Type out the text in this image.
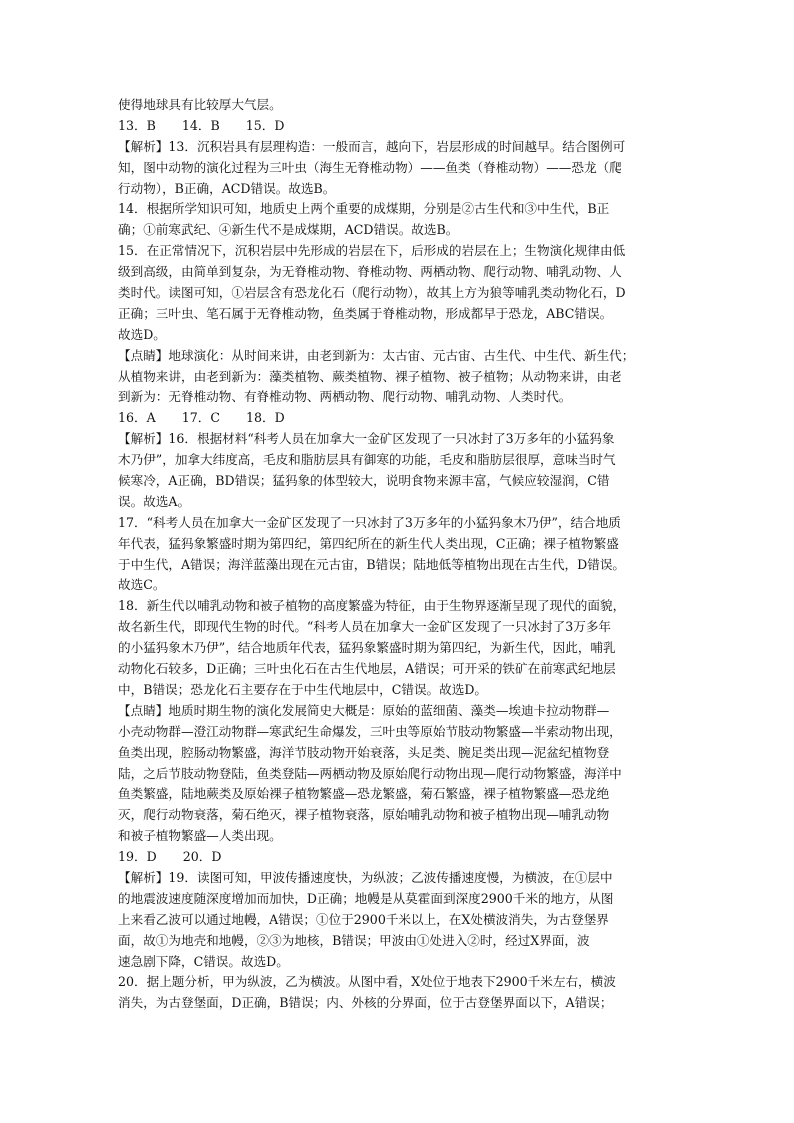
使得地球具有比较厚大气层。
13．B 14．B 15．D
【解析】13．沉积岩具有层理构造：一般而言，越向下，岩层形成的时间越早。结合图例可
知，图中动物的演化过程为三叶虫（海生无脊椎动物）——鱼类（脊椎动物）——恐龙（爬
行动物），B正确，ACD错误。故选B。
14．根据所学知识可知，地质史上两个重要的成煤期，分别是②古生代和③中生代，B正
确；①前寒武纪、④新生代不是成煤期，ACD错误。故选B。
15．在正常情况下，沉积岩层中先形成的岩层在下，后形成的岩层在上；生物演化规律由低
级到高级，由简单到复杂，为无脊椎动物、脊椎动物、两栖动物、爬行动物、哺乳动物、人
类时代。读图可知，①岩层含有恐龙化石（爬行动物），故其上方为狼等哺乳类动物化石，D
正确；三叶虫、笔石属于无脊椎动物，鱼类属于脊椎动物，形成都早于恐龙，ABC错误。
故选D。
【点睛】地球演化：从时间来讲，由老到新为：太古宙、元古宙、古生代、中生代、新生代；
从植物来讲，由老到新为：藻类植物、蕨类植物、裸子植物、被子植物；从动物来讲，由老
到新为：无脊椎动物、有脊椎动物、两栖动物、爬行动物、哺乳动物、人类时代。
16．A 17．C 18．D
【解析】16．根据材料“科考人员在加拿大一金矿区发现了一只冰封了3万多年的小猛犸象
木乃伊”，加拿大纬度高，毛皮和脂肪层具有御寒的功能，毛皮和脂肪层很厚，意味当时气
候寒冷，A正确，BD错误；猛犸象的体型较大，说明食物来源丰富，气候应较湿润，C错
误。故选A。
17．“科考人员在加拿大一金矿区发现了一只冰封了3万多年的小猛犸象木乃伊”，结合地质
年代表，猛犸象繁盛时期为第四纪，第四纪所在的新生代人类出现，C正确；裸子植物繁盛
于中生代，A错误；海洋蓝藻出现在元古宙，B错误；陆地低等植物出现在古生代，D错误。
故选C。
18．新生代以哺乳动物和被子植物的高度繁盛为特征，由于生物界逐渐呈现了现代的面貌，
故名新生代，即现代生物的时代。“科考人员在加拿大一金矿区发现了一只冰封了3万多年
的小猛犸象木乃伊”，结合地质年代表，猛犸象繁盛时期为第四纪，为新生代，因此，哺乳
动物化石较多，D正确；三叶虫化石在古生代地层，A错误；可开采的铁矿在前寒武纪地层
中，B错误；恐龙化石主要存在于中生代地层中，C错误。故选D。
【点睛】地质时期生物的演化发展简史大概是：原始的蓝细菌、藻类—埃迪卡拉动物群—
小壳动物群—澄江动物群—寒武纪生命爆发，三叶虫等原始节肢动物繁盛—半索动物出现，
鱼类出现，腔肠动物繁盛，海洋节肢动物开始衰落，头足类、腕足类出现—泥盆纪植物登
陆，之后节肢动物登陆，鱼类登陆—两栖动物及原始爬行动物出现—爬行动物繁盛，海洋中
鱼类繁盛，陆地蕨类及原始裸子植物繁盛—恐龙繁盛，菊石繁盛，裸子植物繁盛—恐龙绝
灭，爬行动物衰落，菊石绝灭，裸子植物衰落，原始哺乳动物和被子植物出现—哺乳动物
和被子植物繁盛—人类出现。
19．D 20．D
【解析】19．读图可知，甲波传播速度快，为纵波；乙波传播速度慢，为横波，在①层中
的地震波速度随深度增加而加快，D正确；地幔是从莫霍面到深度2900千米的地方，从图
上来看乙波可以通过地幔，A错误；①位于2900千米以上，在X处横波消失，为古登堡界
面，故①为地壳和地幔，②③为地核，B错误；甲波由①处进入②时，经过X界面，波
速急剧下降，C错误。故选D。
20．据上题分析，甲为纵波，乙为横波。从图中看，X处位于地表下2900千米左右，横波
消失，为古登堡面，D正确，B错误；内、外核的分界面，位于古登堡界面以下，A错误；
